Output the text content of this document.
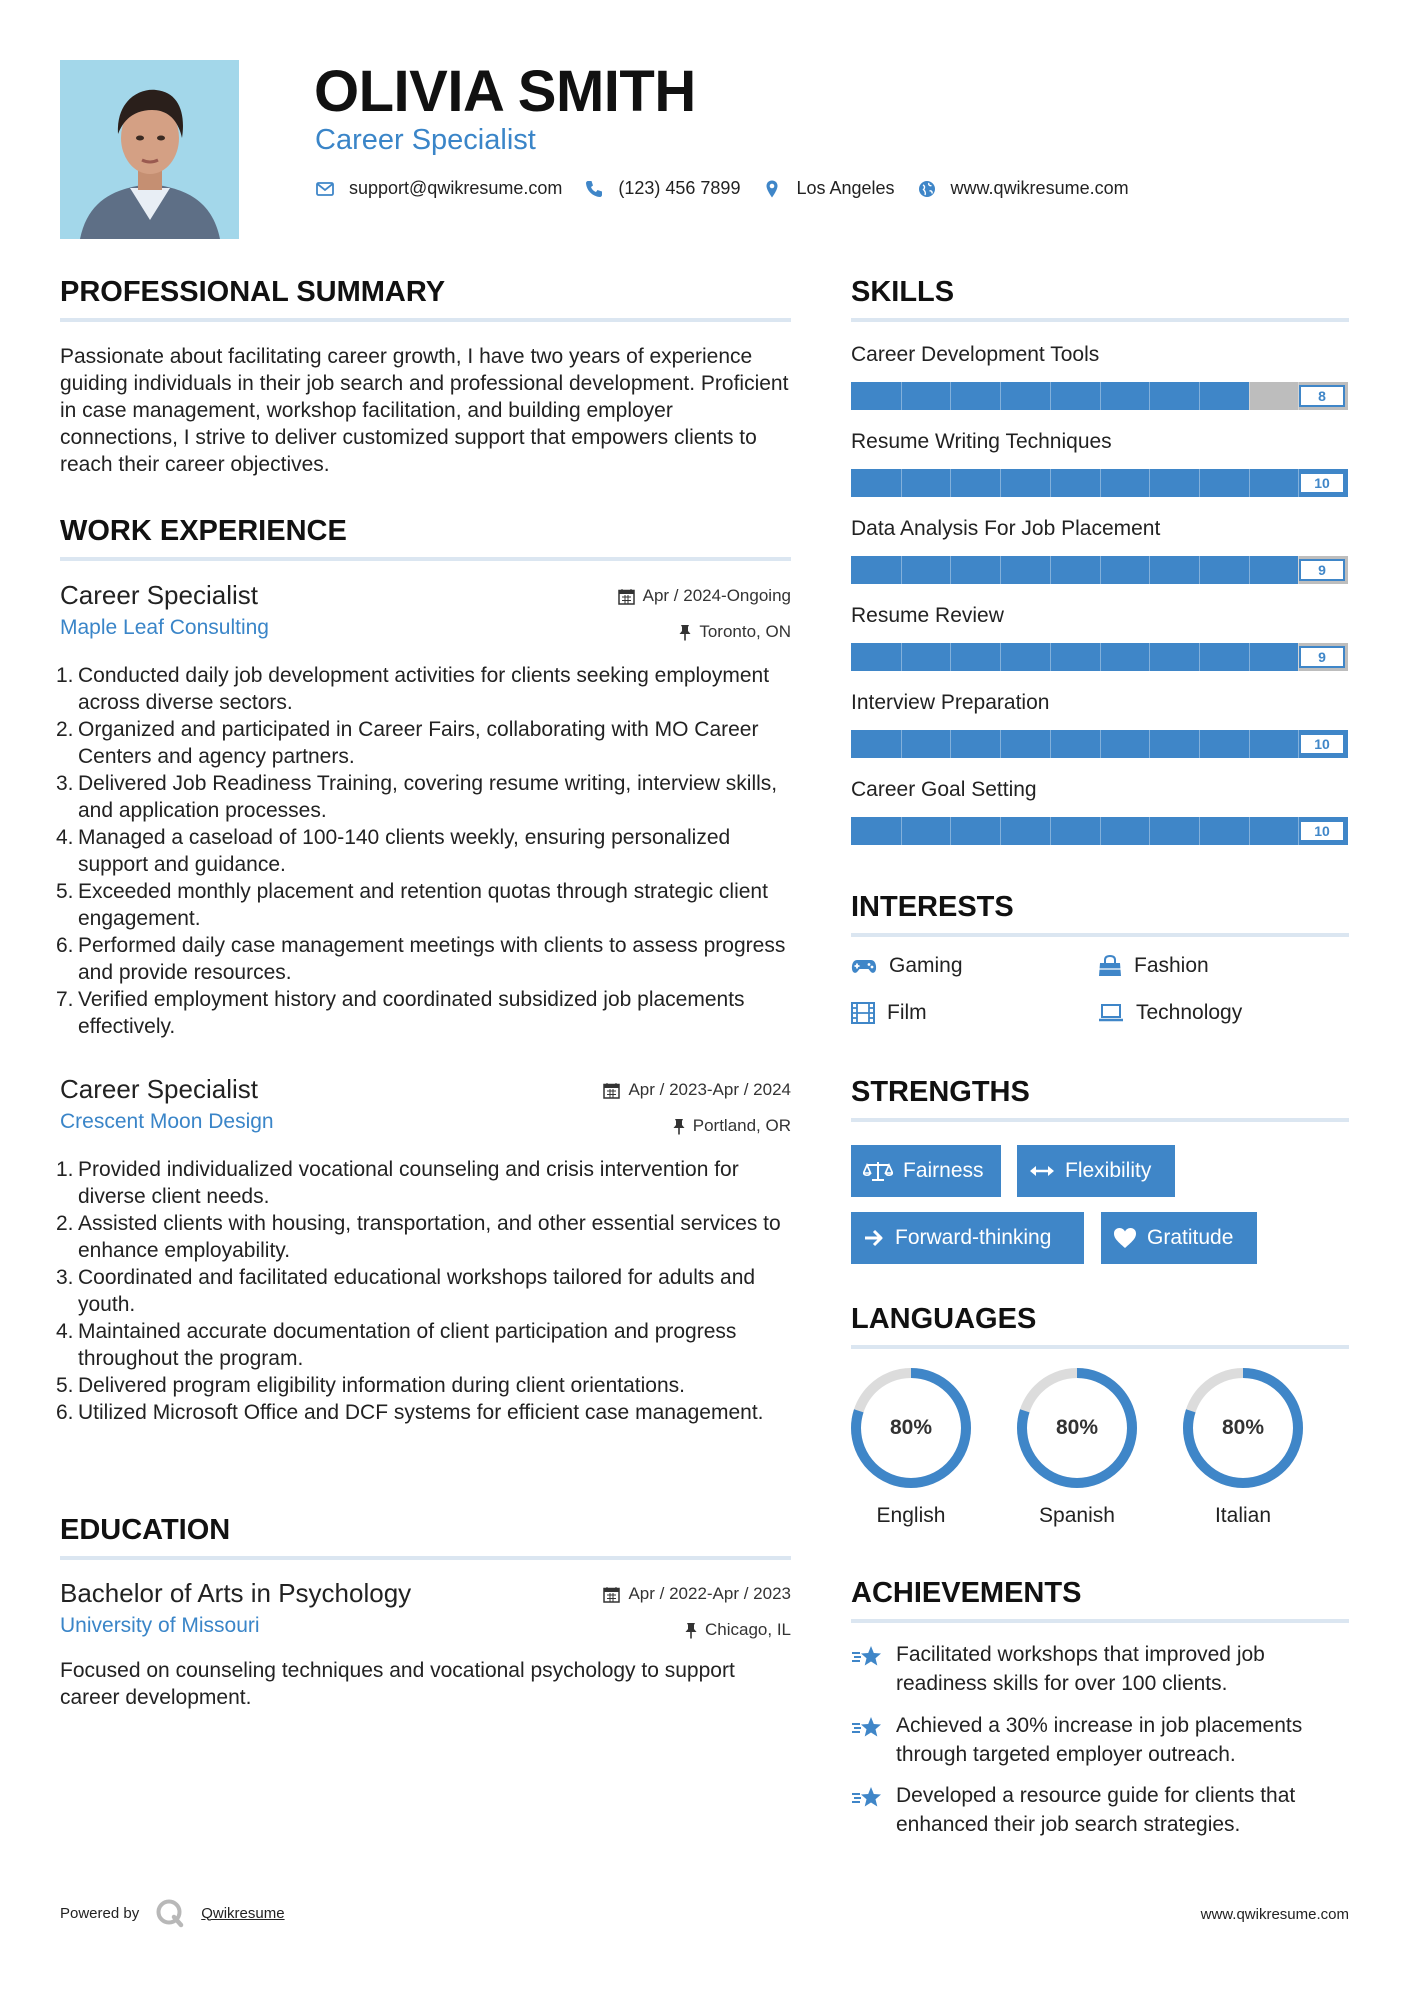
OLIVIA SMITH
Career Specialist
support@qwikresume.com	(123) 456 7899	Los Angeles	www.qwikresume.com
PROFESSIONAL SUMMARY
Passionate about facilitating career growth, I have two years of experience guiding individuals in their job search and professional development. Proficient in case management, workshop facilitation, and building employer connections, I strive to deliver customized support that empowers clients to reach their career objectives.
WORK EXPERIENCE
Career Specialist	Apr / 2024-Ongoing
Maple Leaf Consulting	Toronto, ON
1. Conducted daily job development activities for clients seeking employment across diverse sectors.
2. Organized and participated in Career Fairs, collaborating with MO Career Centers and agency partners.
3. Delivered Job Readiness Training, covering resume writing, interview skills, and application processes.
4. Managed a caseload of 100-140 clients weekly, ensuring personalized support and guidance.
5. Exceeded monthly placement and retention quotas through strategic client engagement.
6. Performed daily case management meetings with clients to assess progress and provide resources.
7. Verified employment history and coordinated subsidized job placements effectively.
Career Specialist	Apr / 2023-Apr / 2024
Crescent Moon Design	Portland, OR
1. Provided individualized vocational counseling and crisis intervention for diverse client needs.
2. Assisted clients with housing, transportation, and other essential services to enhance employability.
3. Coordinated and facilitated educational workshops tailored for adults and youth.
4. Maintained accurate documentation of client participation and progress throughout the program.
5. Delivered program eligibility information during client orientations.
6. Utilized Microsoft Office and DCF systems for efficient case management.
EDUCATION
Bachelor of Arts in Psychology	Apr / 2022-Apr / 2023
University of Missouri	Chicago, IL
Focused on counseling techniques and vocational psychology to support career development.
SKILLS
Career Development Tools
8
Resume Writing Techniques
10
Data Analysis For Job Placement
9
Resume Review
9
Interview Preparation
10
Career Goal Setting
10
INTERESTS
Gaming	Fashion
Film	Technology
STRENGTHS
Fairness	Flexibility
Forward-thinking	Gratitude
LANGUAGES
80%
English
80%
Spanish
80%
Italian
ACHIEVEMENTS
Facilitated workshops that improved job readiness skills for over 100 clients.
Achieved a 30% increase in job placements through targeted employer outreach.
Developed a resource guide for clients that enhanced their job search strategies.
Powered by	Qwikresume	www.qwikresume.com
